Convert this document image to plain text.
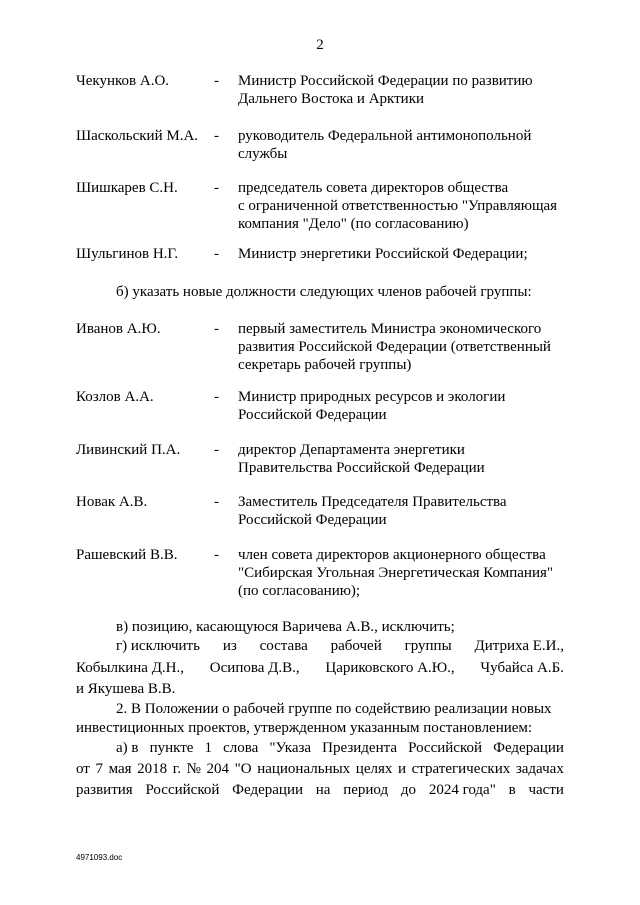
2
Чекунков А.О.	- Министр Российской Федерации по развитию
Дальнего Востока и Арктики
Шаскольский М.А. - руководитель Федеральной антимонопольной
службы
Шишкарев С.Н. - председатель совета директоров общества
с ограниченной ответственностью "Управляющая
компания "Дело" (по согласованию)
Шульгинов Н.Г. - Министр энергетики Российской Федерации;
б) указать новые должности следующих членов рабочей группы:
Иванов А.Ю.	- первый заместитель Министра экономического
развития Российской Федерации (ответственный
секретарь рабочей группы)
Козлов А.А.	- Министр природных ресурсов и экологии
Российской Федерации
Ливинский П.А. - директор Департамента энергетики
Правительства Российской Федерации
Новак А.В.	- Заместитель Председателя Правительства
Российской Федерации
Рашевский В.В. - член совета директоров акционерного общества
"Сибирская Угольная Энергетическая Компания"
(по согласованию);
в) позицию, касающуюся Варичева А.В., исключить;
г) исключить из состава рабочей группы Дитриха Е.И.,
Кобылкина Д.Н., Осипова Д.В., Цариковского А.Ю., Чубайса А.Б.
и Якушева В.В.
2. В Положении о рабочей группе по содействию реализации новых
инвестиционных проектов, утвержденном указанным постановлением:
а) в пункте 1 слова "Указа Президента Российской Федерации
от 7 мая 2018 г. № 204 "О национальных целях и стратегических задачах
развития Российской Федерации на период до 2024 года" в части
4971093.doc
